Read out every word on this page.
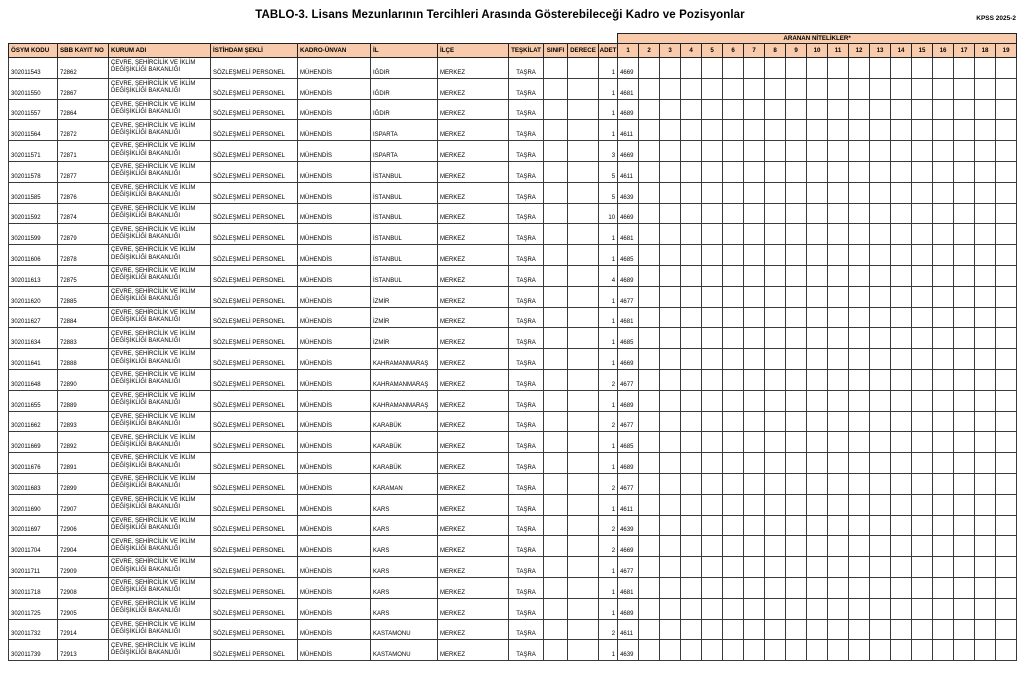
TABLO-3. Lisans Mezunlarının Tercihleri Arasında Gösterebileceği Kadro ve Pozisyonlar	KPSS 2025-2
											ARANAN NİTELİKLER*																		
ÖSYM KODU	SBB KAYIT NO	KURUM ADI	İSTİHDAM ŞEKLİ	KADRO-ÜNVAN	İL	İLÇE	TEŞKİLAT	SINIFI	DERECE	ADET	1	2	3	4	5	6	7	8	9	10	11	12	13	14	15	16	17	18	19
302011543	72862	ÇEVRE, ŞEHİRCİLİK VE İKLİM DEĞİŞİKLİĞİ BAKANLIĞI	SÖZLEŞMELİ PERSONEL	MÜHENDİS	IĞDIR	MERKEZ	TAŞRA			1	4669																		
302011550	72867	ÇEVRE, ŞEHİRCİLİK VE İKLİM DEĞİŞİKLİĞİ BAKANLIĞI	SÖZLEŞMELİ PERSONEL	MÜHENDİS	IĞDIR	MERKEZ	TAŞRA			1	4681																		
302011557	72864	ÇEVRE, ŞEHİRCİLİK VE İKLİM DEĞİŞİKLİĞİ BAKANLIĞI	SÖZLEŞMELİ PERSONEL	MÜHENDİS	IĞDIR	MERKEZ	TAŞRA			1	4689																		
302011564	72872	ÇEVRE, ŞEHİRCİLİK VE İKLİM DEĞİŞİKLİĞİ BAKANLIĞI	SÖZLEŞMELİ PERSONEL	MÜHENDİS	ISPARTA	MERKEZ	TAŞRA			1	4611																		
302011571	72871	ÇEVRE, ŞEHİRCİLİK VE İKLİM DEĞİŞİKLİĞİ BAKANLIĞI	SÖZLEŞMELİ PERSONEL	MÜHENDİS	ISPARTA	MERKEZ	TAŞRA			3	4669																		
302011578	72877	ÇEVRE, ŞEHİRCİLİK VE İKLİM DEĞİŞİKLİĞİ BAKANLIĞI	SÖZLEŞMELİ PERSONEL	MÜHENDİS	İSTANBUL	MERKEZ	TAŞRA			5	4611																		
302011585	72876	ÇEVRE, ŞEHİRCİLİK VE İKLİM DEĞİŞİKLİĞİ BAKANLIĞI	SÖZLEŞMELİ PERSONEL	MÜHENDİS	İSTANBUL	MERKEZ	TAŞRA			5	4639																		
302011592	72874	ÇEVRE, ŞEHİRCİLİK VE İKLİM DEĞİŞİKLİĞİ BAKANLIĞI	SÖZLEŞMELİ PERSONEL	MÜHENDİS	İSTANBUL	MERKEZ	TAŞRA			10	4669																		
302011599	72879	ÇEVRE, ŞEHİRCİLİK VE İKLİM DEĞİŞİKLİĞİ BAKANLIĞI	SÖZLEŞMELİ PERSONEL	MÜHENDİS	İSTANBUL	MERKEZ	TAŞRA			1	4681																		
302011606	72878	ÇEVRE, ŞEHİRCİLİK VE İKLİM DEĞİŞİKLİĞİ BAKANLIĞI	SÖZLEŞMELİ PERSONEL	MÜHENDİS	İSTANBUL	MERKEZ	TAŞRA			1	4685																		
302011613	72875	ÇEVRE, ŞEHİRCİLİK VE İKLİM DEĞİŞİKLİĞİ BAKANLIĞI	SÖZLEŞMELİ PERSONEL	MÜHENDİS	İSTANBUL	MERKEZ	TAŞRA			4	4689																		
302011620	72885	ÇEVRE, ŞEHİRCİLİK VE İKLİM DEĞİŞİKLİĞİ BAKANLIĞI	SÖZLEŞMELİ PERSONEL	MÜHENDİS	İZMİR	MERKEZ	TAŞRA			1	4677																		
302011627	72884	ÇEVRE, ŞEHİRCİLİK VE İKLİM DEĞİŞİKLİĞİ BAKANLIĞI	SÖZLEŞMELİ PERSONEL	MÜHENDİS	İZMİR	MERKEZ	TAŞRA			1	4681																		
302011634	72883	ÇEVRE, ŞEHİRCİLİK VE İKLİM DEĞİŞİKLİĞİ BAKANLIĞI	SÖZLEŞMELİ PERSONEL	MÜHENDİS	İZMİR	MERKEZ	TAŞRA			1	4685																		
302011641	72888	ÇEVRE, ŞEHİRCİLİK VE İKLİM DEĞİŞİKLİĞİ BAKANLIĞI	SÖZLEŞMELİ PERSONEL	MÜHENDİS	KAHRAMANMARAŞ	MERKEZ	TAŞRA			1	4669																		
302011648	72890	ÇEVRE, ŞEHİRCİLİK VE İKLİM DEĞİŞİKLİĞİ BAKANLIĞI	SÖZLEŞMELİ PERSONEL	MÜHENDİS	KAHRAMANMARAŞ	MERKEZ	TAŞRA			2	4677																		
302011655	72889	ÇEVRE, ŞEHİRCİLİK VE İKLİM DEĞİŞİKLİĞİ BAKANLIĞI	SÖZLEŞMELİ PERSONEL	MÜHENDİS	KAHRAMANMARAŞ	MERKEZ	TAŞRA			1	4689																		
302011662	72893	ÇEVRE, ŞEHİRCİLİK VE İKLİM DEĞİŞİKLİĞİ BAKANLIĞI	SÖZLEŞMELİ PERSONEL	MÜHENDİS	KARABÜK	MERKEZ	TAŞRA			2	4677																		
302011669	72892	ÇEVRE, ŞEHİRCİLİK VE İKLİM DEĞİŞİKLİĞİ BAKANLIĞI	SÖZLEŞMELİ PERSONEL	MÜHENDİS	KARABÜK	MERKEZ	TAŞRA			1	4685																		
302011676	72891	ÇEVRE, ŞEHİRCİLİK VE İKLİM DEĞİŞİKLİĞİ BAKANLIĞI	SÖZLEŞMELİ PERSONEL	MÜHENDİS	KARABÜK	MERKEZ	TAŞRA			1	4689																		
302011683	72899	ÇEVRE, ŞEHİRCİLİK VE İKLİM DEĞİŞİKLİĞİ BAKANLIĞI	SÖZLEŞMELİ PERSONEL	MÜHENDİS	KARAMAN	MERKEZ	TAŞRA			2	4677																		
302011690	72907	ÇEVRE, ŞEHİRCİLİK VE İKLİM DEĞİŞİKLİĞİ BAKANLIĞI	SÖZLEŞMELİ PERSONEL	MÜHENDİS	KARS	MERKEZ	TAŞRA			1	4611																		
302011697	72906	ÇEVRE, ŞEHİRCİLİK VE İKLİM DEĞİŞİKLİĞİ BAKANLIĞI	SÖZLEŞMELİ PERSONEL	MÜHENDİS	KARS	MERKEZ	TAŞRA			2	4639																		
302011704	72904	ÇEVRE, ŞEHİRCİLİK VE İKLİM DEĞİŞİKLİĞİ BAKANLIĞI	SÖZLEŞMELİ PERSONEL	MÜHENDİS	KARS	MERKEZ	TAŞRA			2	4669																		
302011711	72909	ÇEVRE, ŞEHİRCİLİK VE İKLİM DEĞİŞİKLİĞİ BAKANLIĞI	SÖZLEŞMELİ PERSONEL	MÜHENDİS	KARS	MERKEZ	TAŞRA			1	4677																		
302011718	72908	ÇEVRE, ŞEHİRCİLİK VE İKLİM DEĞİŞİKLİĞİ BAKANLIĞI	SÖZLEŞMELİ PERSONEL	MÜHENDİS	KARS	MERKEZ	TAŞRA			1	4681																		
302011725	72905	ÇEVRE, ŞEHİRCİLİK VE İKLİM DEĞİŞİKLİĞİ BAKANLIĞI	SÖZLEŞMELİ PERSONEL	MÜHENDİS	KARS	MERKEZ	TAŞRA			1	4689																		
302011732	72914	ÇEVRE, ŞEHİRCİLİK VE İKLİM DEĞİŞİKLİĞİ BAKANLIĞI	SÖZLEŞMELİ PERSONEL	MÜHENDİS	KASTAMONU	MERKEZ	TAŞRA			2	4611																		
302011739	72913	ÇEVRE, ŞEHİRCİLİK VE İKLİM DEĞİŞİKLİĞİ BAKANLIĞI	SÖZLEŞMELİ PERSONEL	MÜHENDİS	KASTAMONU	MERKEZ	TAŞRA			1	4639																		
